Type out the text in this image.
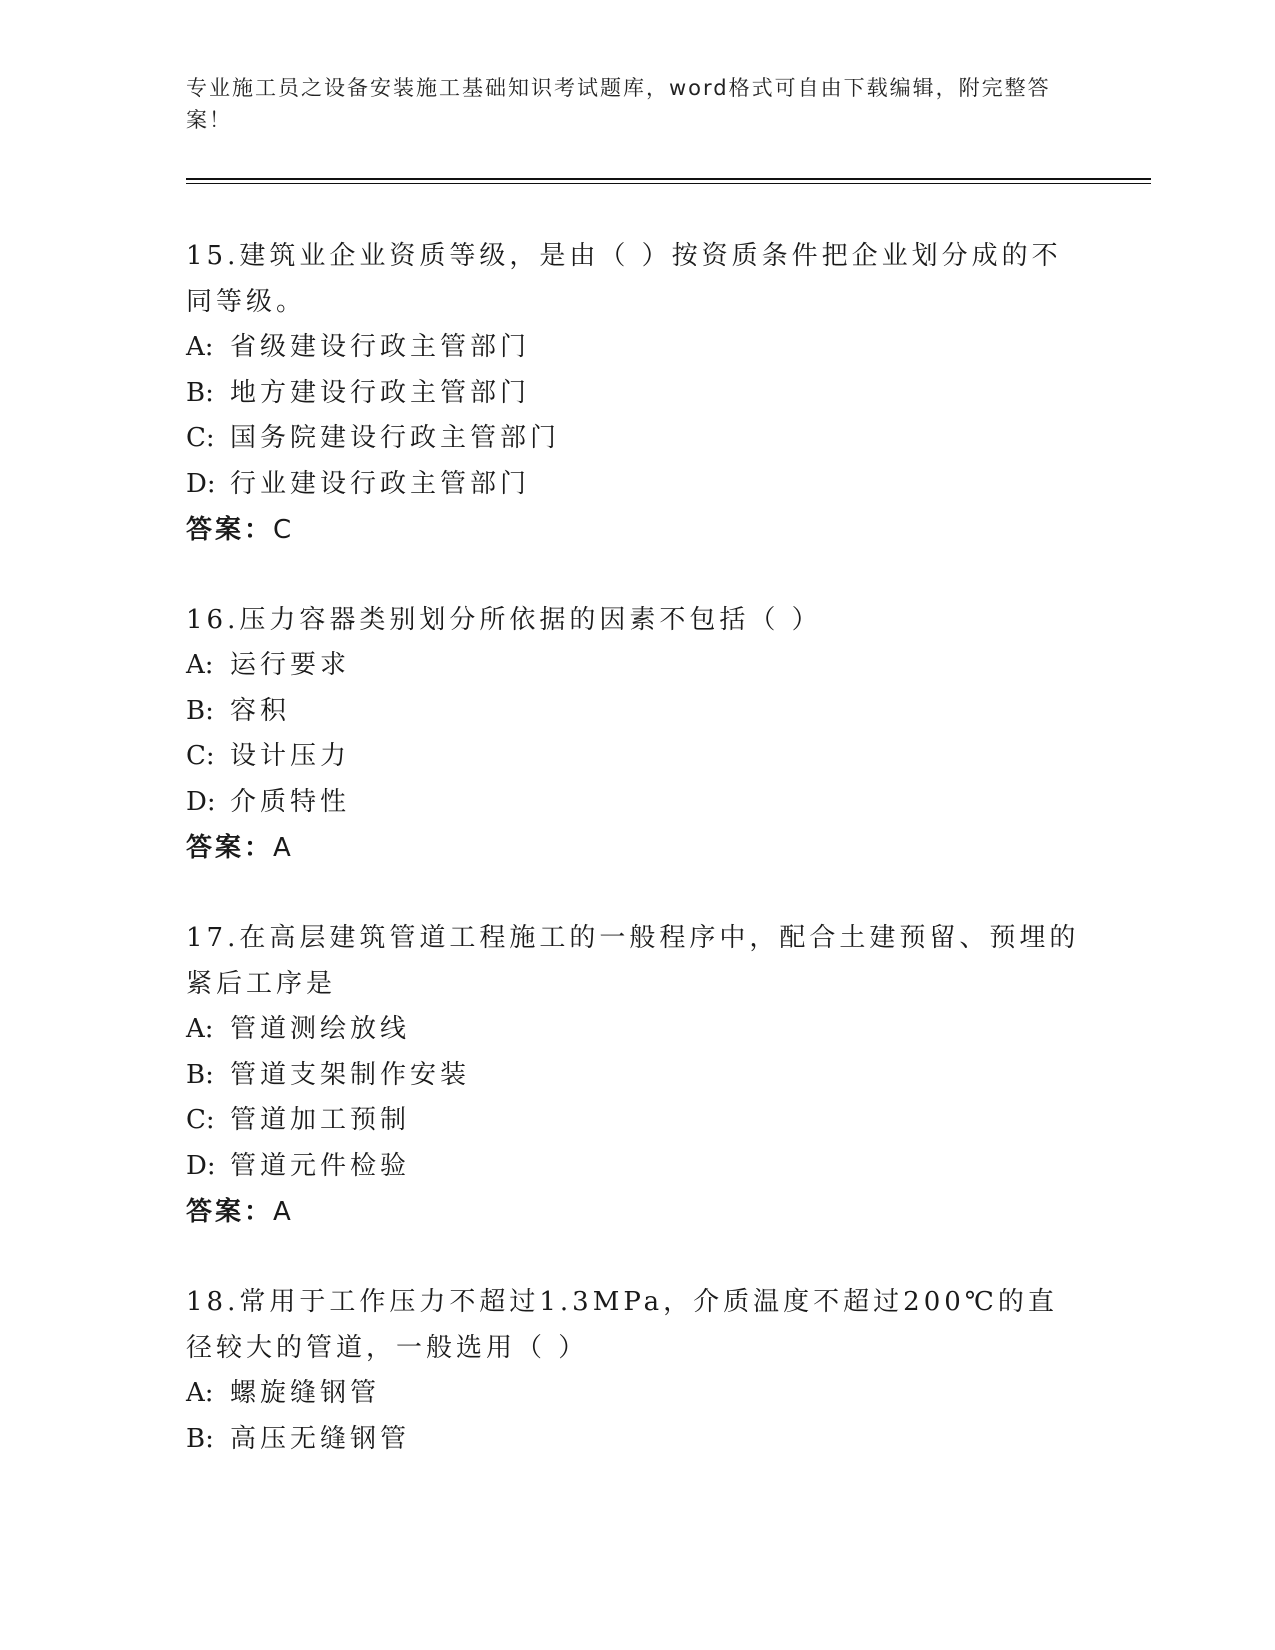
专业施工员之设备安装施工基础知识考试题库，word格式可自由下载编辑，附完整答案！

15.建筑业企业资质等级，是由（ ）按资质条件把企业划分成的不同等级。

A: 省级建设行政主管部门

B: 地方建设行政主管部门

C: 国务院建设行政主管部门

D: 行业建设行政主管部门

答案：C

16.压力容器类别划分所依据的因素不包括（ ）

A: 运行要求

B: 容积

C: 设计压力

D: 介质特性

答案：A

17.在高层建筑管道工程施工的一般程序中，配合土建预留、预埋的紧后工序是

A: 管道测绘放线

B: 管道支架制作安装

C: 管道加工预制

D: 管道元件检验

答案：A

18.常用于工作压力不超过1.3MPa，介质温度不超过200℃的直径较大的管道，一般选用（ ）

A: 螺旋缝钢管

B: 高压无缝钢管
